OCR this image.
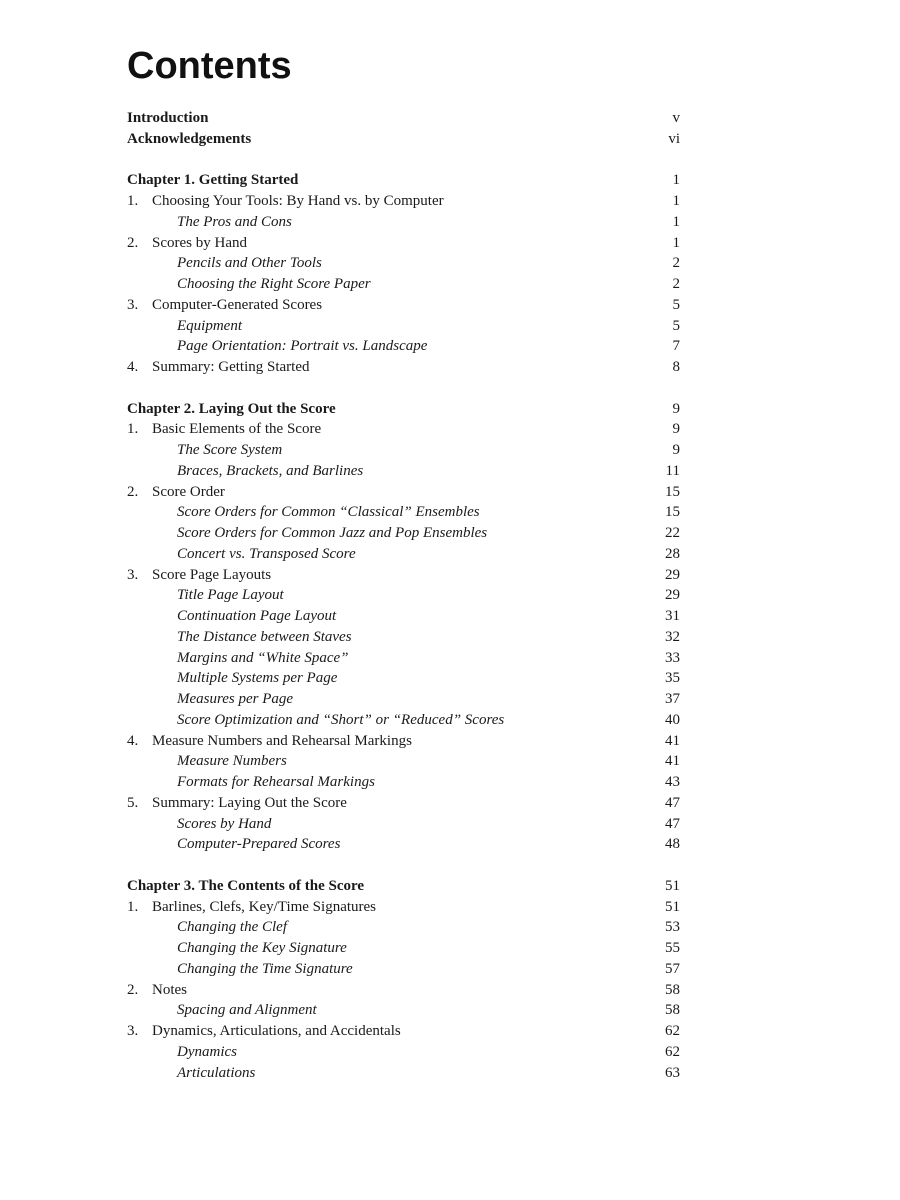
Contents
Introduction	v
Acknowledgements	vi
Chapter 1. Getting Started	1
1. Choosing Your Tools: By Hand vs. by Computer	1
The Pros and Cons	1
2. Scores by Hand	1
Pencils and Other Tools	2
Choosing the Right Score Paper	2
3. Computer-Generated Scores	5
Equipment	5
Page Orientation: Portrait vs. Landscape	7
4. Summary: Getting Started	8
Chapter 2. Laying Out the Score	9
1. Basic Elements of the Score	9
The Score System	9
Braces, Brackets, and Barlines	11
2. Score Order	15
Score Orders for Common “Classical” Ensembles	15
Score Orders for Common Jazz and Pop Ensembles	22
Concert vs. Transposed Score	28
3. Score Page Layouts	29
Title Page Layout	29
Continuation Page Layout	31
The Distance between Staves	32
Margins and “White Space”	33
Multiple Systems per Page	35
Measures per Page	37
Score Optimization and “Short” or “Reduced” Scores	40
4. Measure Numbers and Rehearsal Markings	41
Measure Numbers	41
Formats for Rehearsal Markings	43
5. Summary: Laying Out the Score	47
Scores by Hand	47
Computer-Prepared Scores	48
Chapter 3. The Contents of the Score	51
1. Barlines, Clefs, Key/Time Signatures	51
Changing the Clef	53
Changing the Key Signature	55
Changing the Time Signature	57
2. Notes	58
Spacing and Alignment	58
3. Dynamics, Articulations, and Accidentals	62
Dynamics	62
Articulations	63
